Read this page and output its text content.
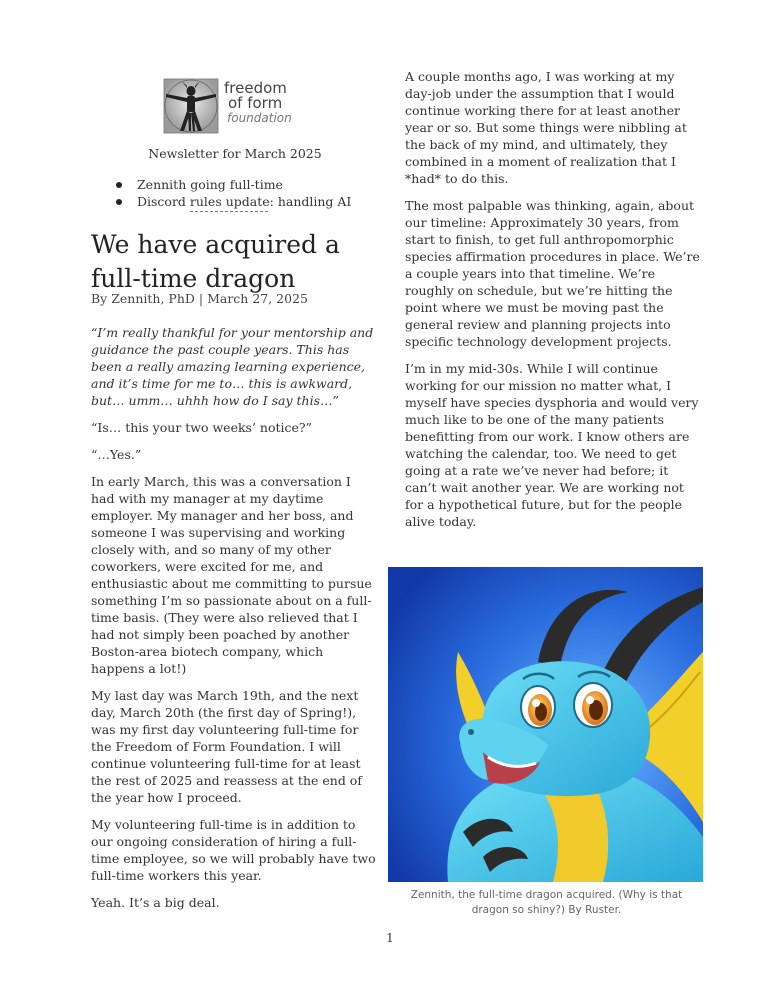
freedom
of form
foundation
Newsletter for March 2025
Zennith going full-time
Discord rules update: handling AI
We have acquired a full-time dragon
By Zennith, PhD | March 27, 2025

“I’m really thankful for your mentorship and guidance the past couple years. This has been a really amazing learning experience, and it’s time for me to… this is awkward, but… umm… uhhh how do I say this…”

“Is… this your two weeks’ notice?”

“…Yes.”

In early March, this was a conversation I had with my manager at my daytime employer. My manager and her boss, and someone I was supervising and working closely with, and so many of my other coworkers, were excited for me, and enthusiastic about me committing to pursue something I’m so passionate about on a full-time basis. (They were also relieved that I had not simply been poached by another Boston-area biotech company, which happens a lot!)

My last day was March 19th, and the next day, March 20th (the first day of Spring!), was my first day volunteering full-time for the Freedom of Form Foundation. I will continue volunteering full-time for at least the rest of 2025 and reassess at the end of the year how I proceed.

My volunteering full-time is in addition to our ongoing consideration of hiring a full-time employee, so we will probably have two full-time workers this year.

Yeah. It’s a big deal.

A couple months ago, I was working at my day-job under the assumption that I would continue working there for at least another year or so. But some things were nibbling at the back of my mind, and ultimately, they combined in a moment of realization that I *had* to do this.

The most palpable was thinking, again, about our timeline: Approximately 30 years, from start to finish, to get full anthropomorphic species affirmation procedures in place. We’re a couple years into that timeline. We’re roughly on schedule, but we’re hitting the point where we must be moving past the general review and planning projects into specific technology development projects.

I’m in my mid-30s. While I will continue working for our mission no matter what, I myself have species dysphoria and would very much like to be one of the many patients benefitting from our work. I know others are watching the calendar, too. We need to get going at a rate we’ve never had before; it can’t wait another year. We are working not for a hypothetical future, but for the people alive today.

Zennith, the full-time dragon acquired. (Why is that dragon so shiny?) By Ruster.
1
